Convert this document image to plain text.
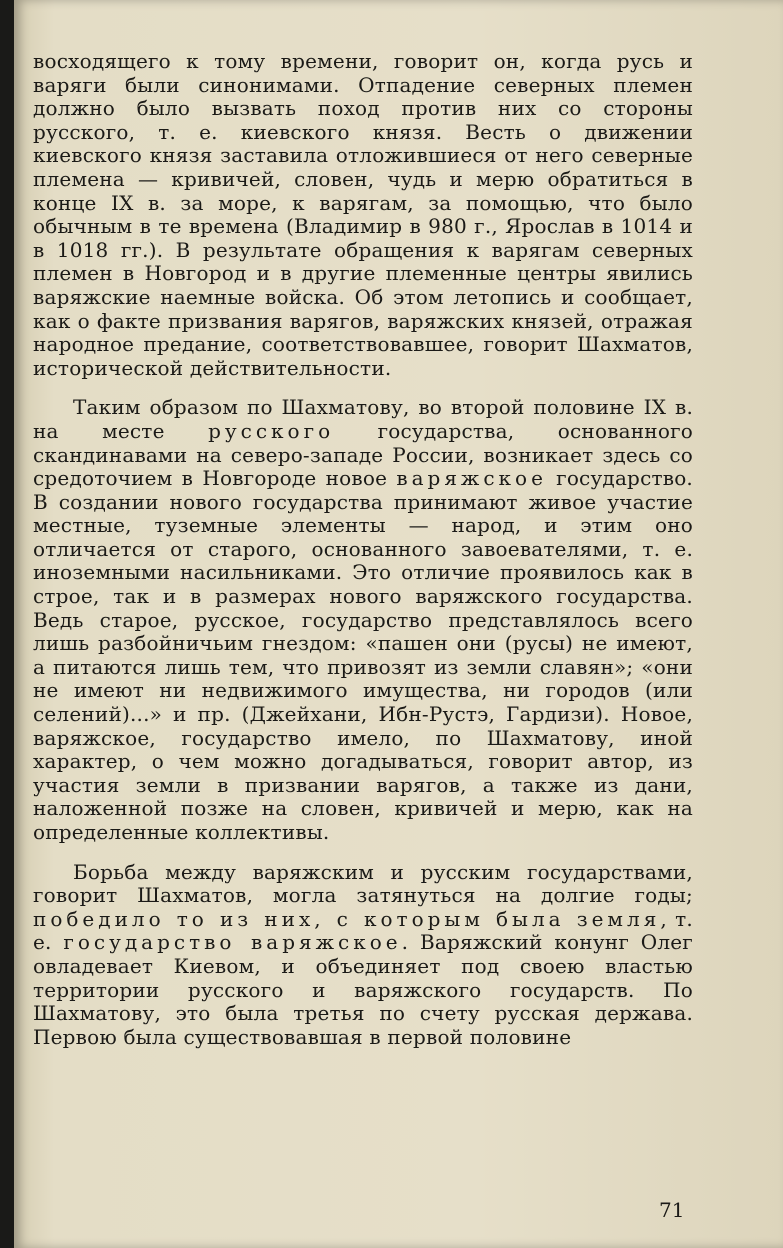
восходящего к тому времени, говорит он, когда русь и варяги были синонимами. Отпадение северных племен должно было вызвать поход против них со стороны русского, т. е. киевского князя. Весть о движении киевского князя заставила отложившиеся от него северные племена — кривичей, словен, чудь и мерю обратиться в конце IX в. за море, к варягам, за помощью, что было обычным в те времена (Владимир в 980 г., Ярослав в 1014 и в 1018 гг.). В результате обращения к варягам северных племен в Новгород и в другие племенные центры явились варяжские наемные войска. Об этом летопись и сообщает, как о факте призвания варягов, варяжских князей, отражая народное предание, соответствовавшее, говорит Шахматов, исторической действительности.

Таким образом по Шахматову, во второй половине IX в. на месте русского государства, основанного скандинавами на северо-западе России, возникает здесь со средоточием в Новгороде новое варяжское государство. В создании нового государства принимают живое участие местные, туземные элементы — народ, и этим оно отличается от старого, основанного завоевателями, т. е. иноземными насильниками. Это отличие проявилось как в строе, так и в размерах нового варяжского государства. Ведь старое, русское, государство представлялось всего лишь разбойничьим гнездом: «пашен они (русы) не имеют, а питаются лишь тем, что привозят из земли славян»; «они не имеют ни недвижимого имущества, ни городов (или селений)...» и пр. (Джейхани, Ибн-Рустэ, Гардизи). Новое, варяжское, государство имело, по Шахматову, иной характер, о чем можно догадываться, говорит автор, из участия земли в призвании варягов, а также из дани, наложенной позже на словен, кривичей и мерю, как на определенные коллективы.

Борьба между варяжским и русским государствами, говорит Шахматов, могла затянуться на долгие годы; победило то из них, с которым была земля, т. е. государство варяжское. Варяжский конунг Олег овладевает Киевом, и объединяет под своею властью территории русского и варяжского государств. По Шахматову, это была третья по счету русская держава. Первою была существовавшая в первой половине

71
